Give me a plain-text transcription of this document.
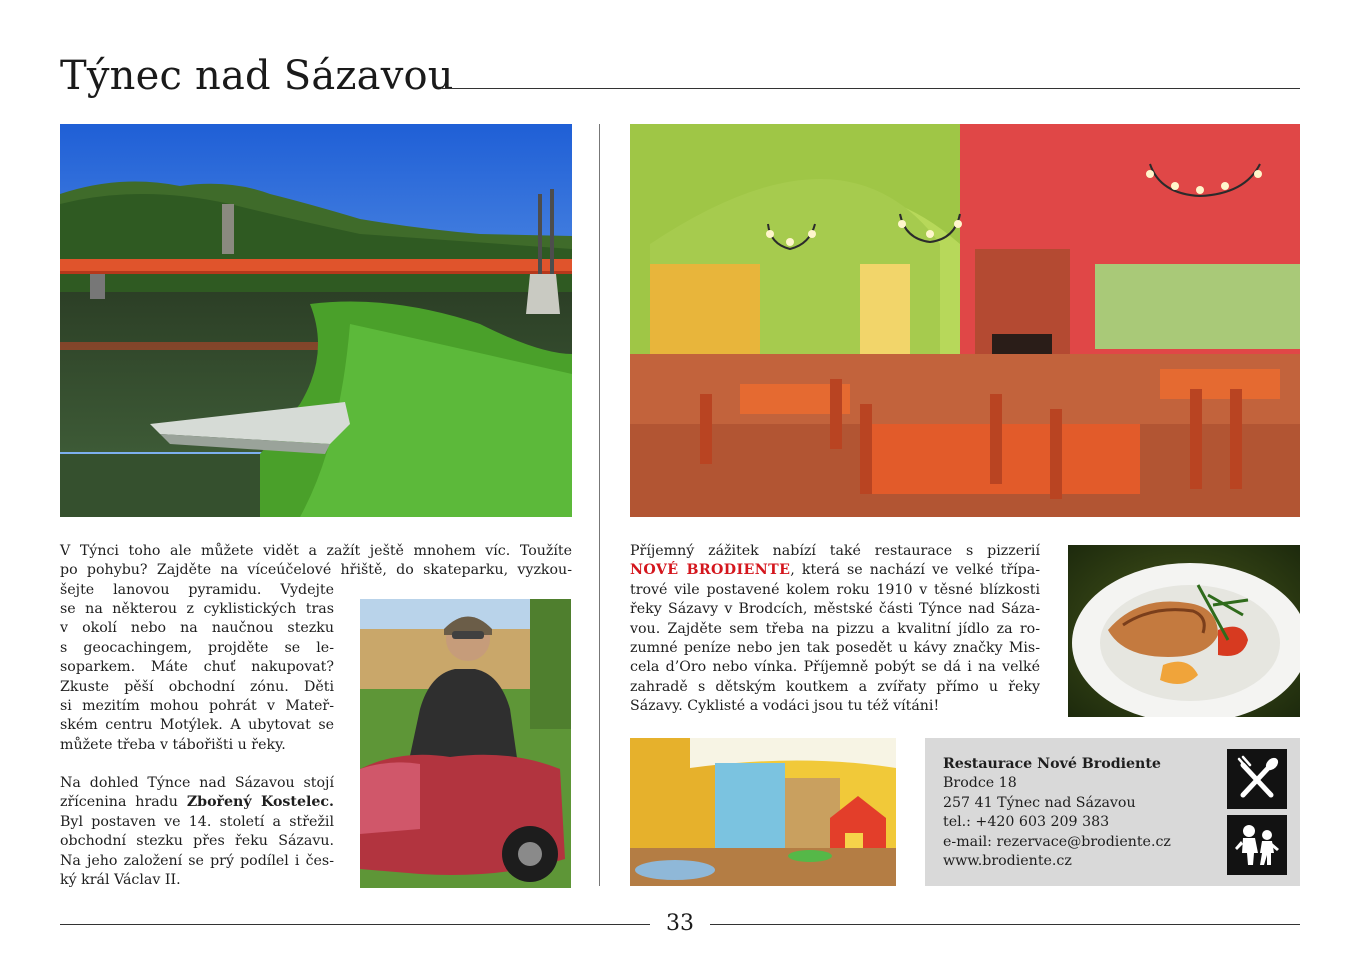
Týnec nad Sázavou
V Týnci toho ale můžete vidět a zažít ještě mnohem víc. Toužíte
po pohybu? Zajděte na víceúčelové hřiště, do skateparku, vyzkou-
šejte lanovou pyramidu. Vydejte
se na některou z cyklistických tras
v okolí nebo na naučnou stezku
s geocachingem, projděte se le-
soparkem. Máte chuť nakupovat?
Zkuste pěší obchodní zónu. Děti
si mezitím mohou pohrát v Mateř-
ském centru Motýlek. A ubytovat se
můžete třeba v tábořišti u řeky.
Na dohled Týnce nad Sázavou stojí
zřícenina hradu Zbořený Kostelec.
Byl postaven ve 14. století a střežil
obchodní stezku přes řeku Sázavu.
Na jeho založení se prý podílel i čes-
ký král Václav II.
Příjemný zážitek nabízí také restaurace s pizzerií
NOVÉ BRODIENTE, která se nachází ve velké třípa-
trové vile postavené kolem roku 1910 v těsné blízkosti
řeky Sázavy v Brodcích, městské části Týnce nad Sáza-
vou. Zajděte sem třeba na pizzu a kvalitní jídlo za ro-
zumné peníze nebo jen tak posedět u kávy značky Mis-
cela d’Oro nebo vínka. Příjemně pobýt se dá i na velké
zahradě s dětským koutkem a zvířaty přímo u řeky
Sázavy. Cyklisté a vodáci jsou tu též vítáni!
Restaurace Nové Brodiente
Brodce 18
257 41 Týnec nad Sázavou
tel.: +420 603 209 383
e-mail: rezervace@brodiente.cz
www.brodiente.cz
33
